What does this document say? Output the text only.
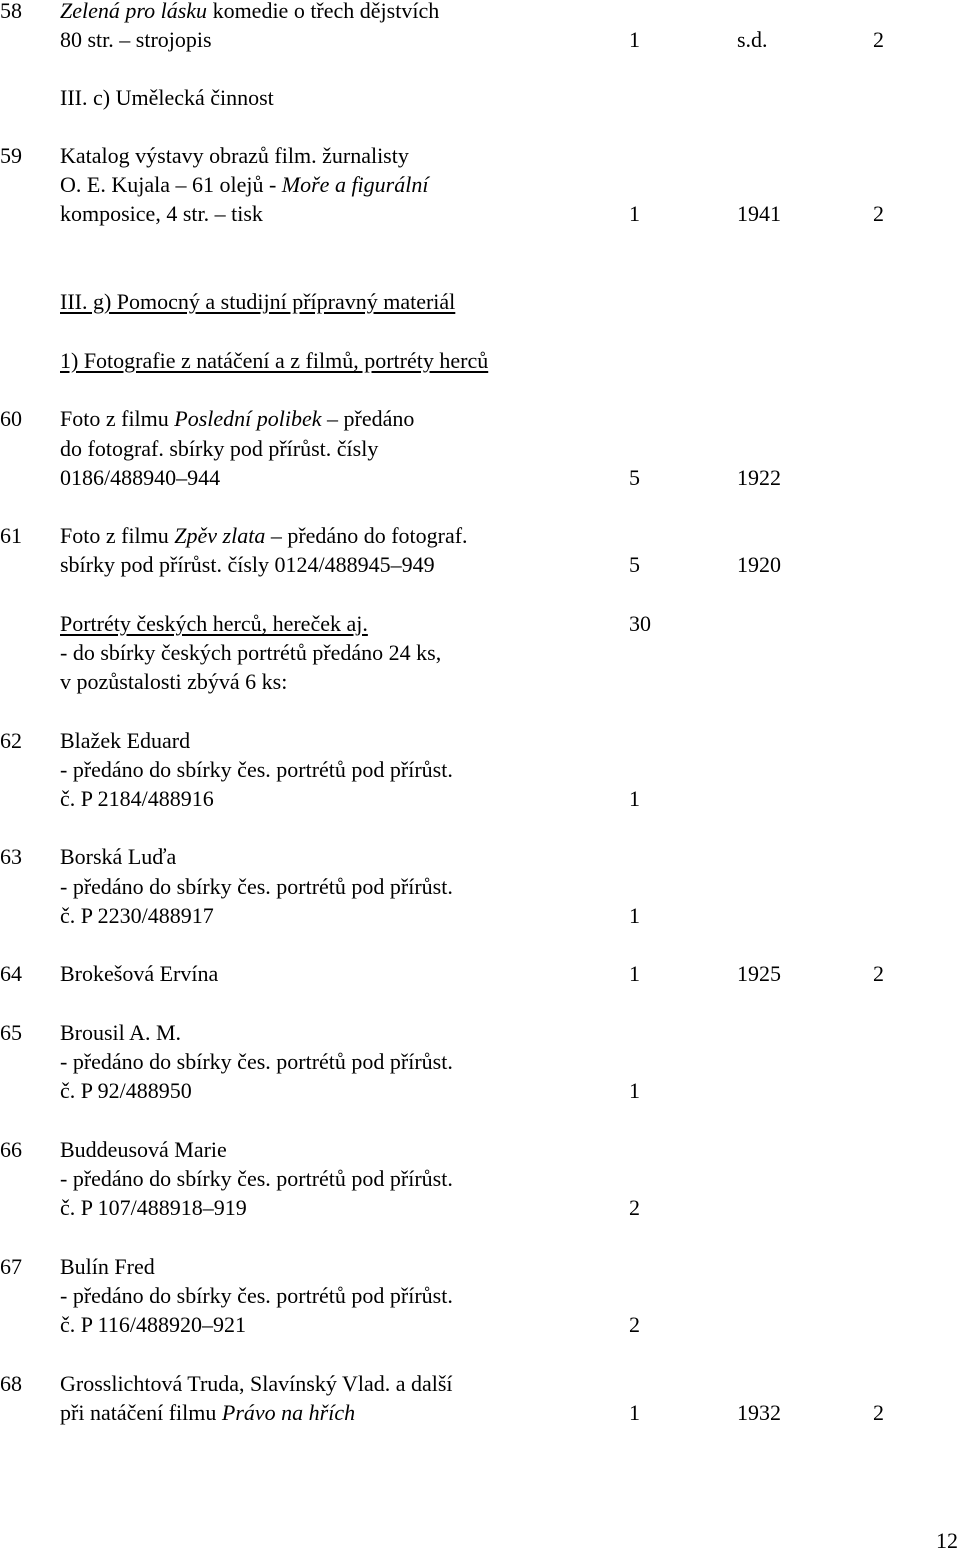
58 Zelená pro lásku komedie o třech dějstvích
80 str. – strojopis	1	s.d.	2
III. c) Umělecká činnost
59 Katalog výstavy obrazů film. žurnalisty
O. E. Kujala – 61 olejů - Moře a figurální
komposice, 4 str. – tisk	1	1941	2
III. g) Pomocný a studijní přípravný materiál
1) Fotografie z natáčení a z filmů, portréty herců
60 Foto z filmu Poslední polibek – předáno
do fotograf. sbírky pod přírůst. čísly
0186/488940–944	5	1922
61 Foto z filmu Zpěv zlata – předáno do fotograf.
sbírky pod přírůst. čísly 0124/488945–949	5	1920
Portréty českých herců, hereček aj.	30
- do sbírky českých portrétů předáno 24 ks,
v pozůstalosti zbývá 6 ks:
62 Blažek Eduard
- předáno do sbírky čes. portrétů pod přírůst.
č. P 2184/488916	1
63 Borská Luďa
- předáno do sbírky čes. portrétů pod přírůst.
č. P 2230/488917	1
64 Brokešová Ervína	1	1925	2
65 Brousil A. M.
- předáno do sbírky čes. portrétů pod přírůst.
č. P 92/488950	1
66 Buddeusová Marie
- předáno do sbírky čes. portrétů pod přírůst.
č. P 107/488918–919	2
67 Bulín Fred
- předáno do sbírky čes. portrétů pod přírůst.
č. P 116/488920–921	2
68 Grosslichtová Truda, Slavínský Vlad. a další
při natáčení filmu Právo na hřích	1	1932	2
12
